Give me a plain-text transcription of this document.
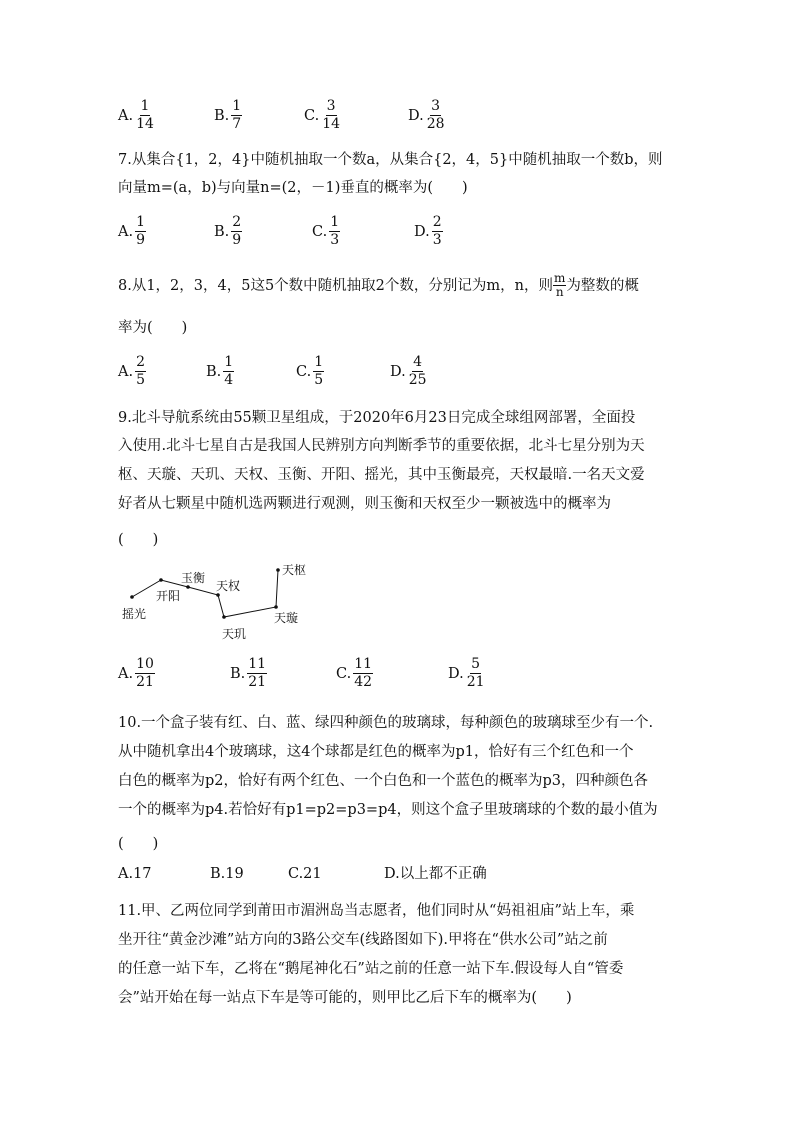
A. $\frac{1}{14}$	B. $\frac{1}{7}$	C. $\frac{3}{14}$	D. $\frac{3}{28}$
7.从集合{1，2，4}中随机抽取一个数a，从集合{2，4，5}中随机抽取一个数b，则
向量m=(a，b)与向量n=(2，－1)垂直的概率为(　　)
A. $\frac{1}{9}$	B. $\frac{2}{9}$	C. $\frac{1}{3}$	D. $\frac{2}{3}$
8.从1，2，3，4，5这5个数中随机抽取2个数，分别记为m，n，则 $\frac{m}{n}$ 为整数的概
率为(　　)
A. $\frac{2}{5}$	B. $\frac{1}{4}$	C. $\frac{1}{5}$	D. $\frac{4}{25}$
9.北斗导航系统由55颗卫星组成，于2020年6月23日完成全球组网部署，全面投
入使用.北斗七星自古是我国人民辨别方向判断季节的重要依据，北斗七星分别为天
枢、天璇、天玑、天权、玉衡、开阳、摇光，其中玉衡最亮，天权最暗.一名天文爱
好者从七颗星中随机选两颗进行观测，则玉衡和天权至少一颗被选中的概率为
(　　)
摇光
开阳
玉衡
天权
天玑
天璇
天枢
A. $\frac{10}{21}$	B. $\frac{11}{21}$	C. $\frac{11}{42}$	D. $\frac{5}{21}$
10.一个盒子装有红、白、蓝、绿四种颜色的玻璃球，每种颜色的玻璃球至少有一个.
从中随机拿出4个玻璃球，这4个球都是红色的概率为p1，恰好有三个红色和一个
白色的概率为p2，恰好有两个红色、一个白色和一个蓝色的概率为p3，四种颜色各
一个的概率为p4.若恰好有p1=p2=p3=p4，则这个盒子里玻璃球的个数的最小值为
(　　)
A.17	B.19	C.21	D.以上都不正确
11.甲、乙两位同学到莆田市湄洲岛当志愿者，他们同时从“妈祖祖庙”站上车，乘
坐开往“黄金沙滩”站方向的3路公交车(线路图如下).甲将在“供水公司”站之前
的任意一站下车，乙将在“鹅尾神化石”站之前的任意一站下车.假设每人自“管委
会”站开始在每一站点下车是等可能的，则甲比乙后下车的概率为(　　)
